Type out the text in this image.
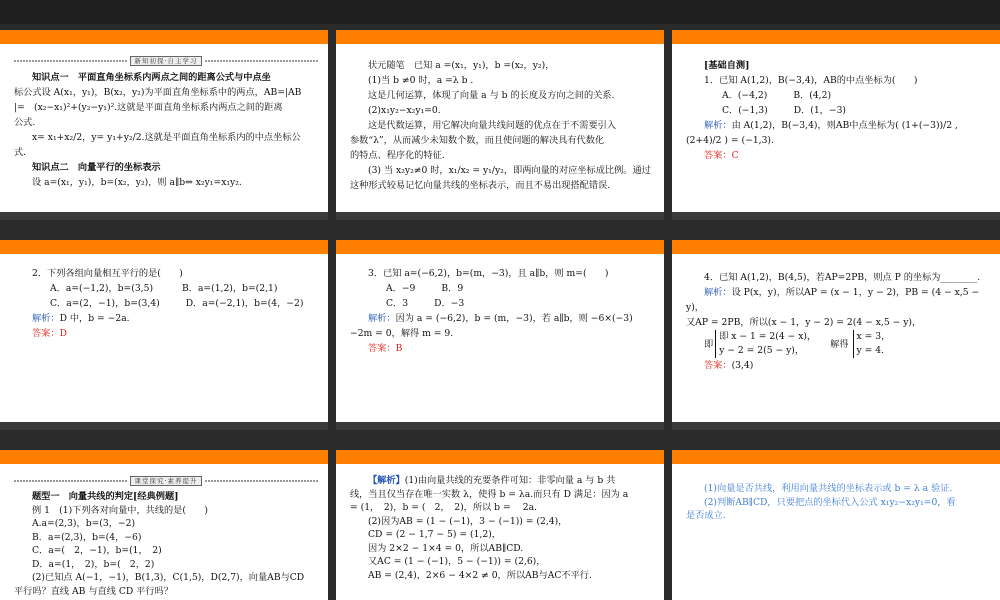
新知初探·自主学习

知识点一　平面直角坐标系内两点之间的距离公式与中点坐

标公式设 A(x₁，y₁)，B(x₂，y₂)为平面直角坐标系中的两点，AB=|AB

|=　(x₂−x₁)²+(y₂−y₁)².这就是平面直角坐标系内两点之间的距离

公式.

x= x₁+x₂/2，y= y₁+y₂/2.这就是平面直角坐标系内的中点坐标公

式.

知识点二　向量平行的坐标表示

设 a=(x₁，y₁)，b=(x₂，y₂)，则 a∥b⇔ x₂y₁=x₁y₂.

状元随笔　已知 a =(x₁，y₁)，b =(x₂，y₂)，

(1)当 b ≠0 时，a =λ b .

这是几何运算，体现了向量 a 与 b 的长度及方向之间的关系.

(2)x₁y₂−x₂y₁=0.

这是代数运算，用它解决向量共线问题的优点在于不需要引入

参数“λ”，从而减少未知数个数，而且使问题的解决具有代数化

的特点、程序化的特征.

(3) 当 x₂y₂≠0 时，x₁/x₂ = y₁/y₂，即两向量的对应坐标成比例。通过

这种形式较易记忆向量共线的坐标表示，而且不易出现搭配错误.

[基础自测]

1．已知 A(1,2)，B(−3,4)，AB的中点坐标为(　　)

A．(−4,2)	B．(4,2)

C．(−1,3)	D．(1，−3)

解析：由 A(1,2)，B(−3,4)，则AB中点坐标为( (1+(−3))/2 , (2+4)/2 ) = (−1,3).

答案：C

2．下列各组向量相互平行的是(　　)

A．a=(−1,2)，b=(3,5)	B．a=(1,2)，b=(2,1)

C．a=(2，−1)，b=(3,4)	D．a=(−2,1)，b=(4，−2)

解析：D 中，b = −2a.

答案：D

3．已知 a=(−6,2)，b=(m，−3)，且 a∥b，则 m=(　　)

A．−9	B．9

C．3	D．−3

解析：因为 a = (−6,2)，b = (m，−3)，若 a∥b，则 −6×(−3)

−2m = 0，解得 m = 9.

答案：B

4．已知 A(1,2)，B(4,5)，若AP=2PB，则点 P 的坐标为________.

解析：设 P(x，y)，所以AP = (x − 1，y − 2)，PB = (4 − x,5 − y)，

又AP = 2PB，所以(x − 1，y − 2) = 2(4 − x,5 − y)，

即
即 x − 1 = 2(4 − x)，
y − 2 = 2(5 − y)，
解得
x = 3，
y = 4.

答案：(3,4)

课堂探究·素养提升

题型一　向量共线的判定[经典例题]

例 1　(1)下列各对向量中，共线的是(　　)

A.a=(2,3)，b=(3，−2)

B．a=(2,3)，b=(4，−6)

C．a=(　2，−1)，b=(1，　2)

D．a=(1，　2)，b=(　2，2)

(2)已知点 A(−1，−1)，B(1,3)，C(1,5)，D(2,7)，向量AB与CD

平行吗？直线 AB 与直线 CD 平行吗？

【解析】(1)由向量共线的充要条件可知：非零向量 a 与 b 共

线，当且仅当存在唯一实数 λ，使得 b = λa.而只有 D 满足：因为 a

= (1，　2)，b = (　2，　2)，所以 b = 　2a.

(2)因为AB = (1 − (−1)，3 − (−1)) = (2,4)，

CD = (2 − 1,7 − 5) = (1,2)，

因为 2×2 − 1×4 = 0，所以AB∥CD.

又AC = (1 − (−1)，5 − (−1)) = (2,6)，

AB = (2,4)，2×6 − 4×2 ≠ 0，所以AB与AC不平行.

(1)向量是否共线，利用向量共线的坐标表示或 b = λ a 验证.

(2)判断AB∥CD，只要把点的坐标代入公式 x₁y₂−x₂y₁=0，看

是否成立.
